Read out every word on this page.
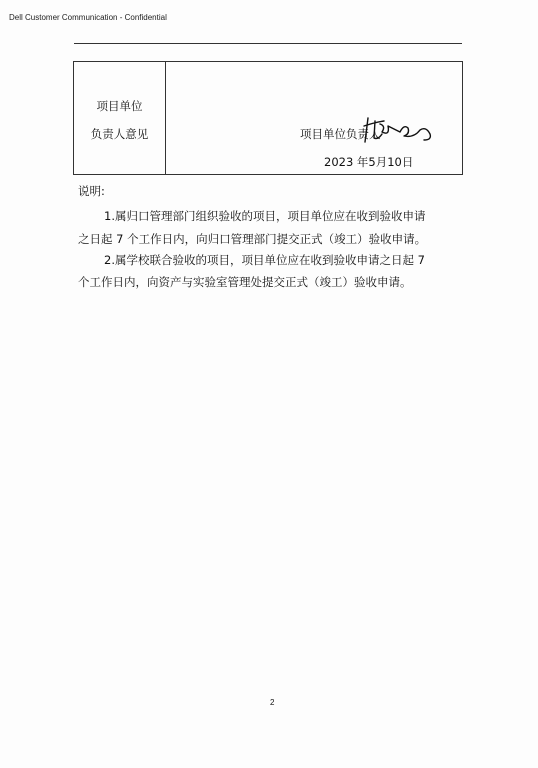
Dell Customer Communication - Confidential
项目单位
负责人意见	项目单位负责人
2023 年5月10日
说明:
1.属归口管理部门组织验收的项目，项目单位应在收到验收申请
之日起 7 个工作日内，向归口管理部门提交正式（竣工）验收申请。
2.属学校联合验收的项目，项目单位应在收到验收申请之日起 7
个工作日内，向资产与实验室管理处提交正式（竣工）验收申请。
2
